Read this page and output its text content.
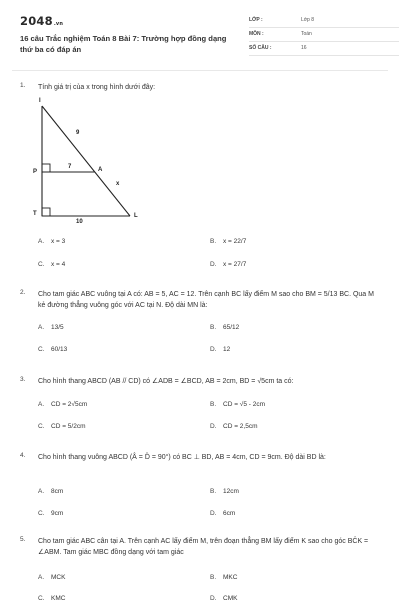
2048.vn
16 câu Trắc nghiệm Toán 8 Bài 7: Trường hợp đồng dạng thứ ba có đáp án
LỚP :	Lớp 8
MÔN :	Toán
SỐ CÂU :	16
1. Tính giá trị của x trong hình dưới đây:
A. x = 3	B. x = 22/7
C. x = 4	D. x = 27/7
I
P	A
T	L
9
7
x
10
2. Cho tam giác ABC vuông tại A có: AB = 5, AC = 12. Trên cạnh BC lấy điểm M sao cho BM = 5/13 BC. Qua M kẻ đường thẳng vuông góc với AC tại N. Độ dài MN là:
A. 13/5	B. 65/12
C. 60/13	D. 12
3. Cho hình thang ABCD (AB // CD) có ∠ADB = ∠BCD, AB = 2cm, BD = √5cm ta có:
A. CD = 2√5cm	B. CD = √5 - 2cm
C. CD = 5/2cm	D. CD = 2,5cm
4. Cho hình thang vuông ABCD (Â = D̂ = 90°) có BC ⊥ BD, AB = 4cm, CD = 9cm. Độ dài BD là:
A. 8cm	B. 12cm
C. 9cm	D. 6cm
5. Cho tam giác ABC cân tại A. Trên cạnh AC lấy điểm M, trên đoạn thẳng BM lấy điểm K sao cho góc BĈK = ∠ABM. Tam giác MBC đồng dạng với tam giác
A. MCK	B. MKC
C. KMC	D. CMK
